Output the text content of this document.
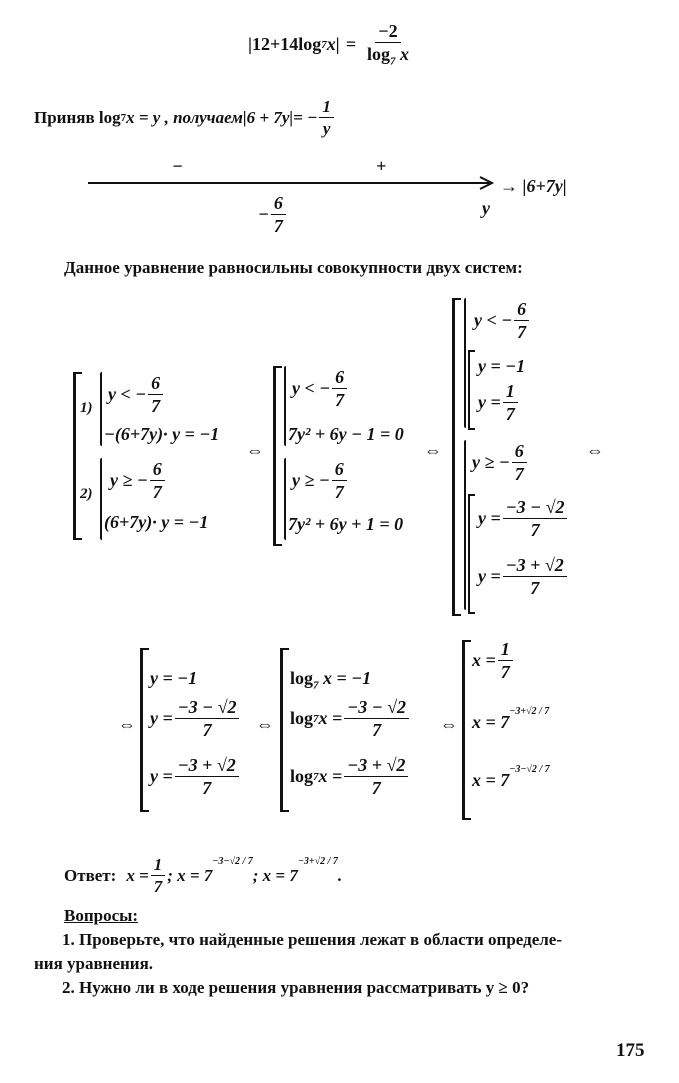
|12+14log 7 $x| = \frac{-2}{\log_7 x}$
Приняв log 7 x = y , получаем |6 + 7y| = − $\frac{1}{y}$
−	+
→ |6+7y|
− $\frac{6}{7}$	y
Данное уравнение равносильны совокупности двух систем:
1)
y < − $\frac{6}{7}$
−(6+7y)· y = −1
2)
y ≥ − $\frac{6}{7}$
(6+7y)· y = −1
⇔
y < − $\frac{6}{7}$
7y² + 6y − 1 = 0
y ≥ − $\frac{6}{7}$
7y² + 6y + 1 = 0
⇔
y < − $\frac{6}{7}$
y = −1
$y = \frac{1}{7}$
y ≥ − $\frac{6}{7}$	⇔
$y = \frac{-3 - √2}{7}$
$y = \frac{-3 + √2}{7}$
⇔
y = −1
$y = \frac{-3 - √2}{7}$
$y = \frac{-3 + √2}{7}$
⇔
$\log_7 x = -1$
log 7 $x = \frac{-3 - √2}{7}$
log 7 $x = \frac{-3 + √2}{7}$
⇔
$x = \frac{1}{7}$
$x = 7^{-3+√2 / 7}$
$x = 7^{-3-√2 / 7}$
Ответ: $x = \frac{1}{7}$ ; x = 7
−3−√2 / 7
; x = 7
−3+√2 / 7
.
Вопросы:
1. Проверьте, что найденные решения лежат в области определе-
ния уравнения.
2. Нужно ли в ходе решения уравнения рассматривать y ≥ 0?
175
